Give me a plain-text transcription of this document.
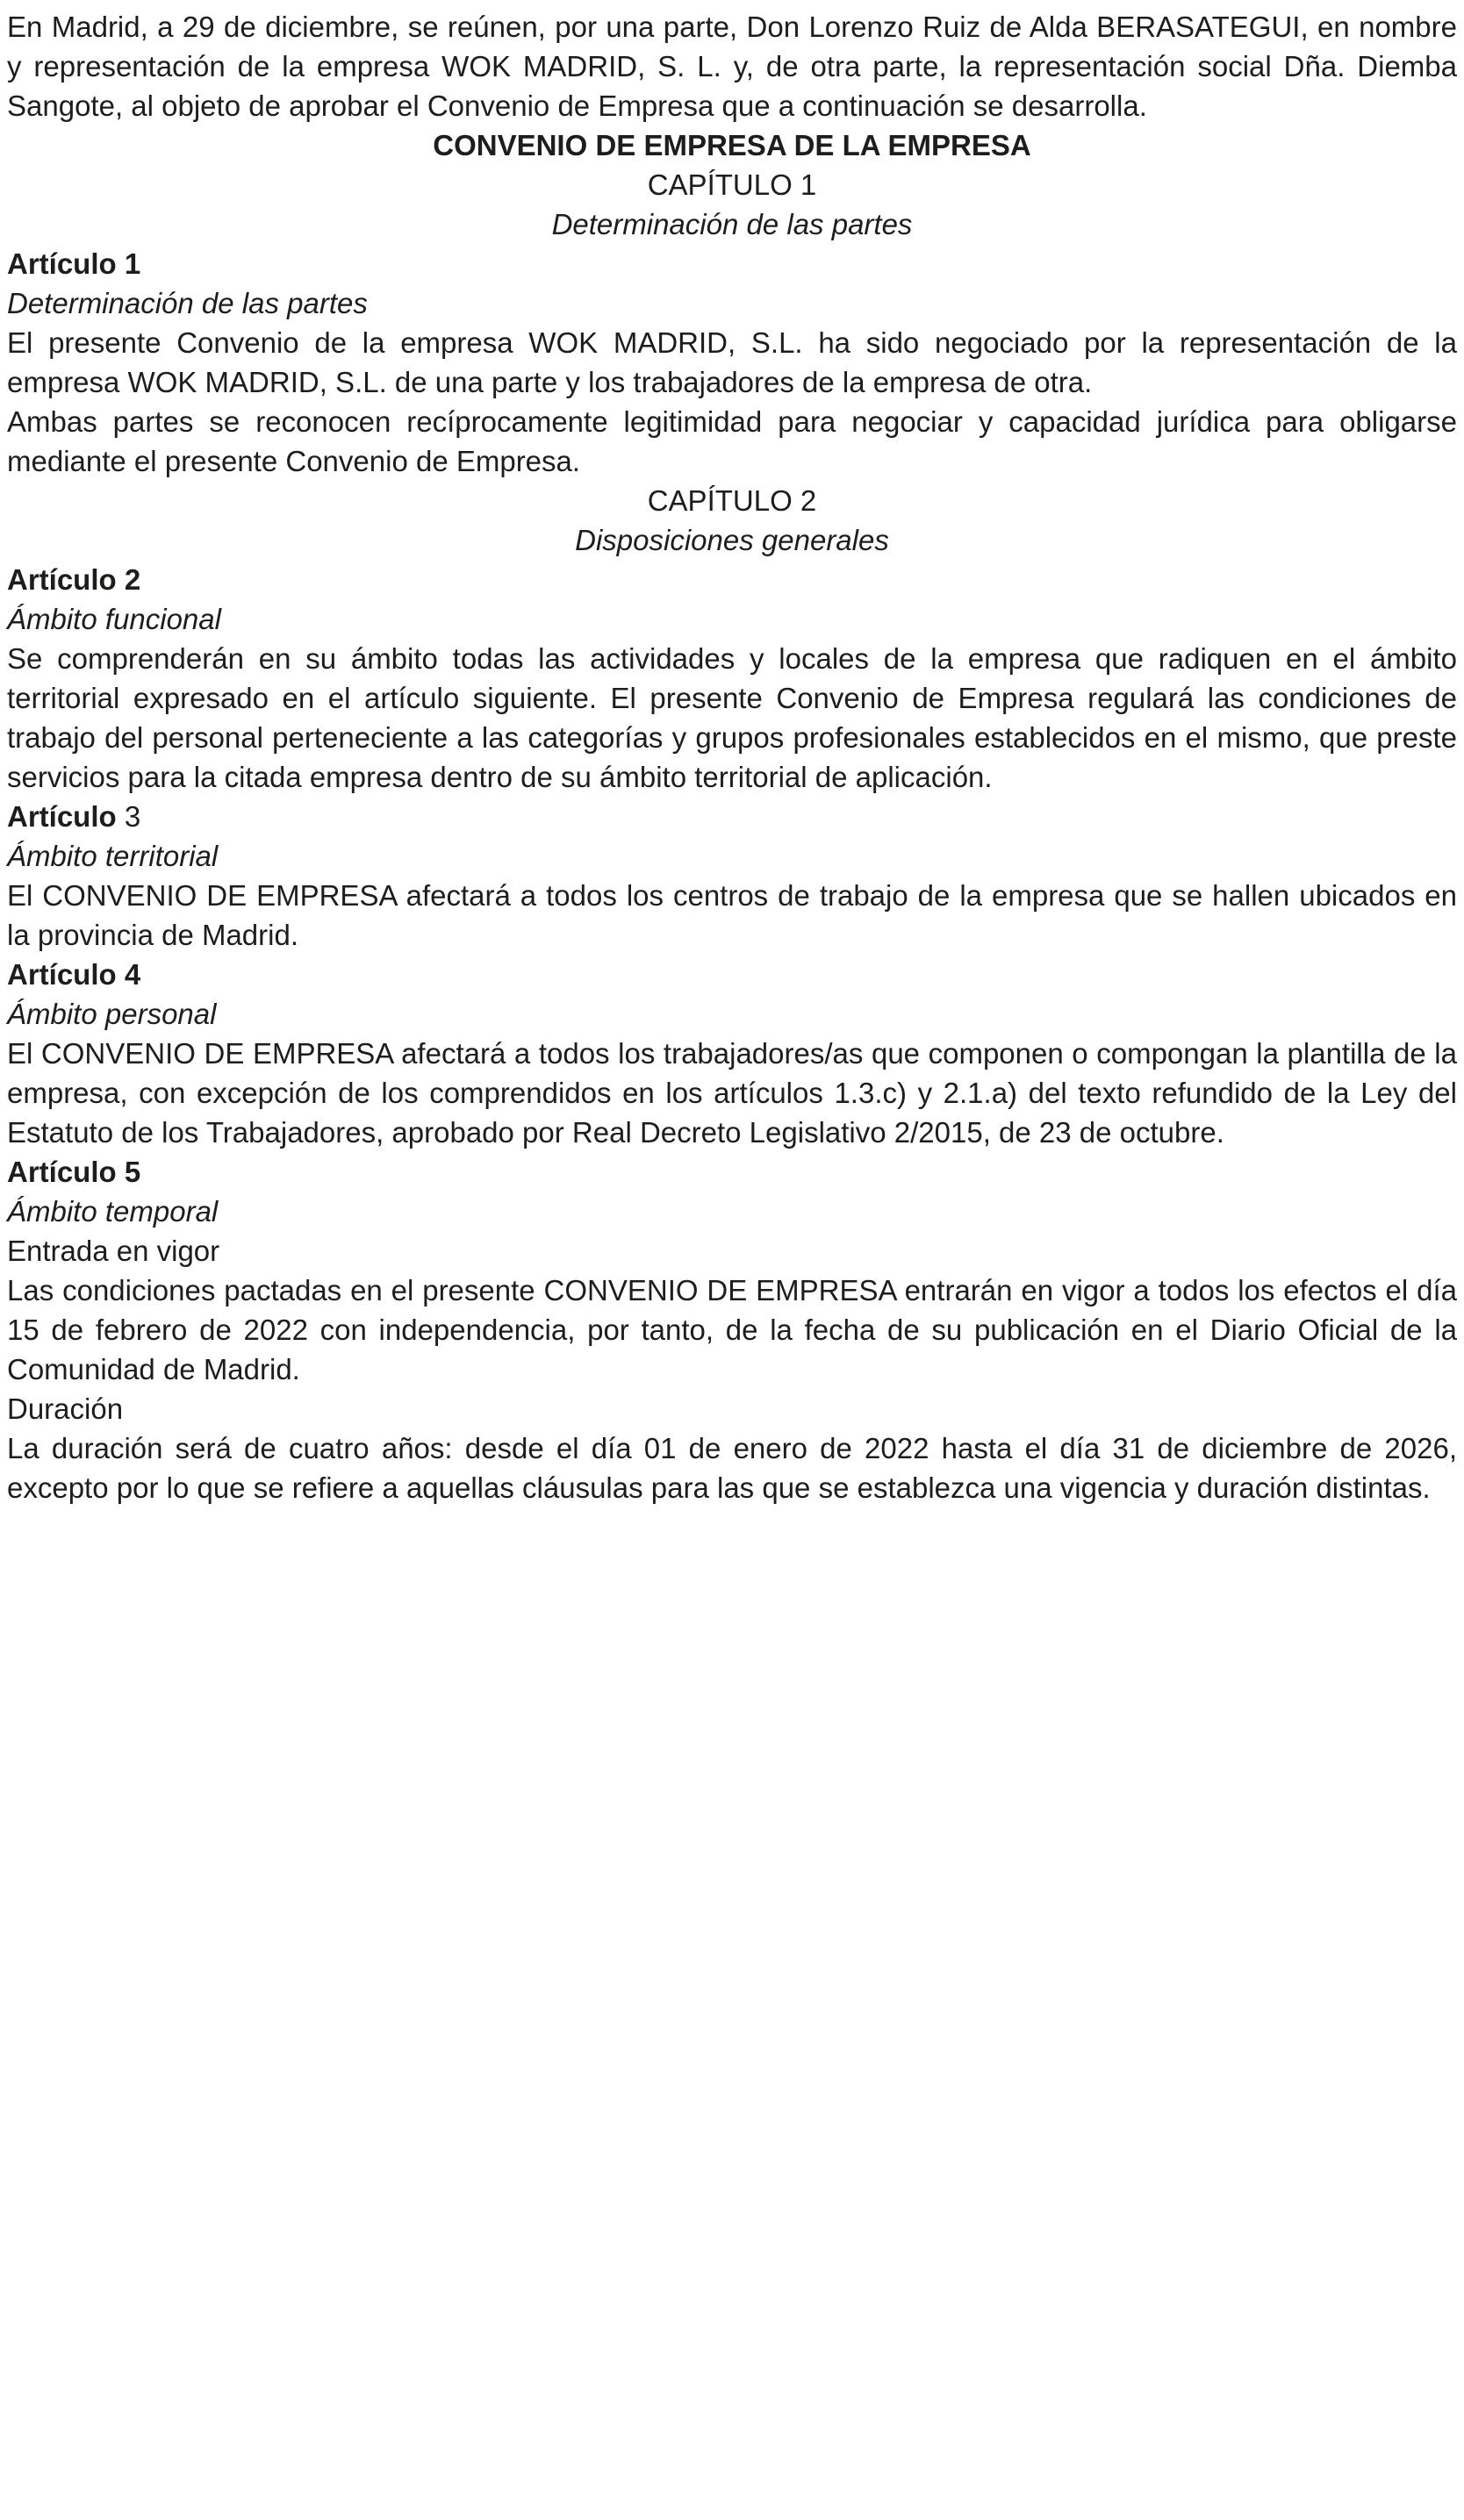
En Madrid, a 29 de diciembre, se reúnen, por una parte, Don Lorenzo Ruiz de Alda BERASATEGUI, en nombre y representación de la empresa WOK MADRID, S. L. y, de otra parte, la representación social Dña. Diemba Sangote, al objeto de aprobar el Convenio de Empresa que a continuación se desarrolla.

CONVENIO DE EMPRESA DE LA EMPRESA

CAPÍTULO 1

Determinación de las partes

Artículo 1

Determinación de las partes

El presente Convenio de la empresa WOK MADRID, S.L. ha sido negociado por la representación de la empresa WOK MADRID, S.L. de una parte y los trabajadores de la empresa de otra.

Ambas partes se reconocen recíprocamente legitimidad para negociar y capacidad jurídica para obligarse mediante el presente Convenio de Empresa.

CAPÍTULO 2

Disposiciones generales

Artículo 2

Ámbito funcional

Se comprenderán en su ámbito todas las actividades y locales de la empresa que radiquen en el ámbito territorial expresado en el artículo siguiente. El presente Convenio de Empresa regulará las condiciones de trabajo del personal perteneciente a las categorías y grupos profesionales establecidos en el mismo, que preste servicios para la citada empresa dentro de su ámbito territorial de aplicación.

Artículo 3

Ámbito territorial

El CONVENIO DE EMPRESA afectará a todos los centros de trabajo de la empresa que se hallen ubicados en la provincia de Madrid.

Artículo 4

Ámbito personal

El CONVENIO DE EMPRESA afectará a todos los trabajadores/as que componen o compongan la plantilla de la empresa, con excepción de los comprendidos en los artículos 1.3.c) y 2.1.a) del texto refundido de la Ley del Estatuto de los Trabajadores, aprobado por Real Decreto Legislativo 2/2015, de 23 de octubre.

Artículo 5

Ámbito temporal

Entrada en vigor

Las condiciones pactadas en el presente CONVENIO DE EMPRESA entrarán en vigor a todos los efectos el día 15 de febrero de 2022 con independencia, por tanto, de la fecha de su publicación en el Diario Oficial de la Comunidad de Madrid.

Duración

La duración será de cuatro años: desde el día 01 de enero de 2022 hasta el día 31 de diciembre de 2026, excepto por lo que se refiere a aquellas cláusulas para las que se establezca una vigencia y duración distintas.
